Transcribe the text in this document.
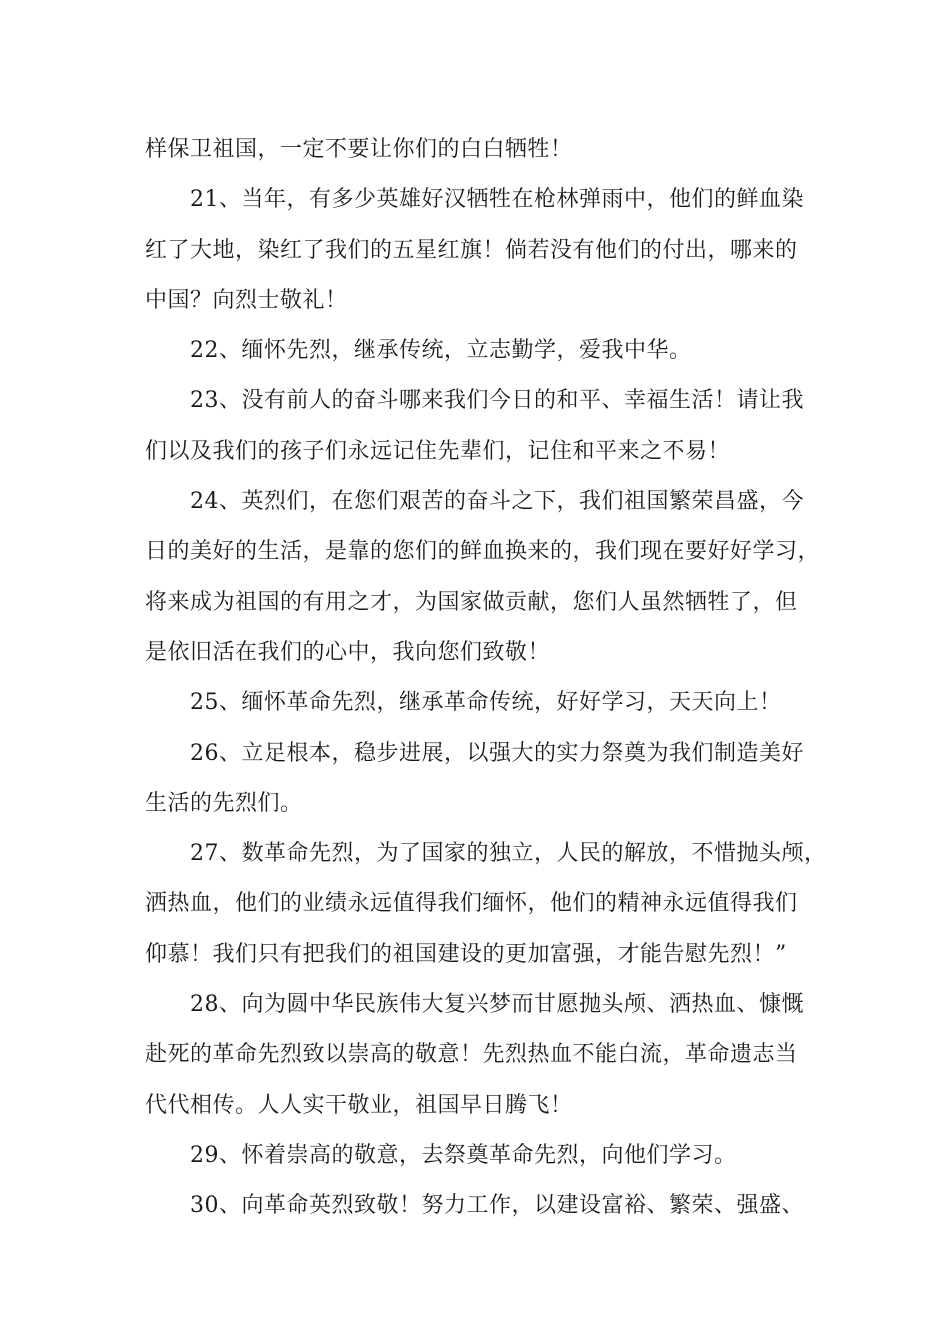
样保卫祖国，一定不要让你们的白白牺牲！
21、当年，有多少英雄好汉牺牲在枪林弹雨中，他们的鲜血染
红了大地，染红了我们的五星红旗！倘若没有他们的付出，哪来的
中国？向烈士敬礼！
22、缅怀先烈，继承传统，立志勤学，爱我中华。
23、没有前人的奋斗哪来我们今日的和平、幸福生活！请让我
们以及我们的孩子们永远记住先辈们，记住和平来之不易！
24、英烈们，在您们艰苦的奋斗之下，我们祖国繁荣昌盛，今
日的美好的生活，是靠的您们的鲜血换来的，我们现在要好好学习，
将来成为祖国的有用之才，为国家做贡献，您们人虽然牺牲了，但
是依旧活在我们的心中，我向您们致敬！
25、缅怀革命先烈，继承革命传统，好好学习，天天向上！
26、立足根本，稳步进展，以强大的实力祭奠为我们制造美好
生活的先烈们。
27、数革命先烈，为了国家的独立，人民的解放，不惜抛头颅，
洒热血，他们的业绩永远值得我们缅怀，他们的精神永远值得我们
仰慕！我们只有把我们的祖国建设的更加富强，才能告慰先烈！”
28、向为圆中华民族伟大复兴梦而甘愿抛头颅、洒热血、慷慨
赴死的革命先烈致以崇高的敬意！先烈热血不能白流，革命遗志当
代代相传。人人实干敬业，祖国早日腾飞！
29、怀着崇高的敬意，去祭奠革命先烈，向他们学习。
30、向革命英烈致敬！努力工作，以建设富裕、繁荣、强盛、
